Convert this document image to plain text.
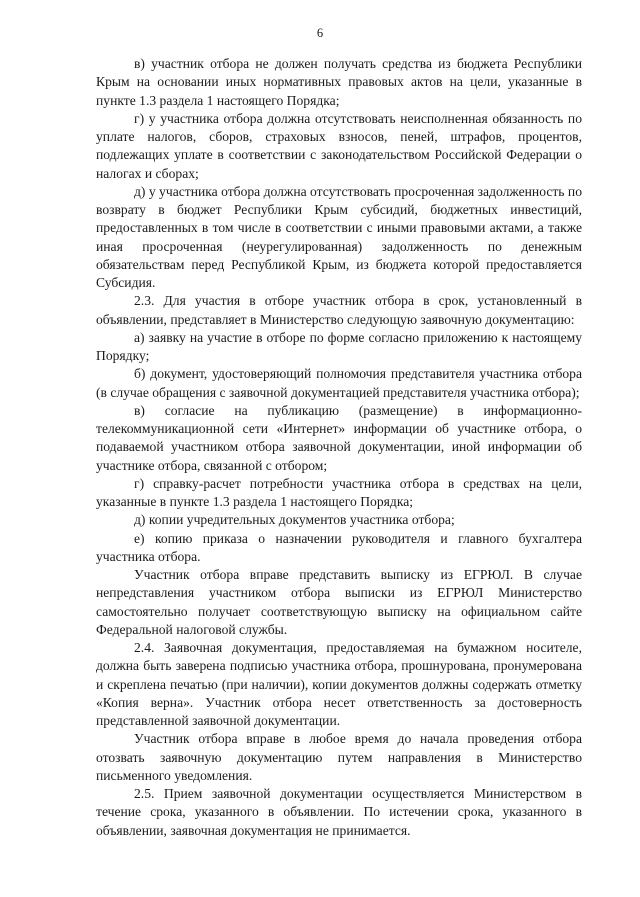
6

в) участник отбора не должен получать средства из бюджета Республики Крым на основании иных нормативных правовых актов на цели, указанные в пункте 1.3 раздела 1 настоящего Порядка;

г) у участника отбора должна отсутствовать неисполненная обязанность по уплате налогов, сборов, страховых взносов, пеней, штрафов, процентов, подлежащих уплате в соответствии с законодательством Российской Федерации о налогах и сборах;

д) у участника отбора должна отсутствовать просроченная задолженность по возврату в бюджет Республики Крым субсидий, бюджетных инвестиций, предоставленных в том числе в соответствии с иными правовыми актами, а также иная просроченная (неурегулированная) задолженность по денежным обязательствам перед Республикой Крым, из бюджета которой предоставляется Субсидия.

2.3. Для участия в отборе участник отбора в срок, установленный в объявлении, представляет в Министерство следующую заявочную документацию:

а) заявку на участие в отборе по форме согласно приложению к настоящему Порядку;

б) документ, удостоверяющий полномочия представителя участника отбора (в случае обращения с заявочной документацией представителя участника отбора);

в) согласие на публикацию (размещение) в информационно-телекоммуникационной сети «Интернет» информации об участнике отбора, о подаваемой участником отбора заявочной документации, иной информации об участнике отбора, связанной с отбором;

г) справку-расчет потребности участника отбора в средствах на цели, указанные в пункте 1.3 раздела 1 настоящего Порядка;

д) копии учредительных документов участника отбора;

е) копию приказа о назначении руководителя и главного бухгалтера участника отбора.

Участник отбора вправе представить выписку из ЕГРЮЛ. В случае непредставления участником отбора выписки из ЕГРЮЛ Министерство самостоятельно получает соответствующую выписку на официальном сайте Федеральной налоговой службы.

2.4. Заявочная документация, предоставляемая на бумажном носителе, должна быть заверена подписью участника отбора, прошнурована, пронумерована и скреплена печатью (при наличии), копии документов должны содержать отметку «Копия верна». Участник отбора несет ответственность за достоверность представленной заявочной документации.

Участник отбора вправе в любое время до начала проведения отбора отозвать заявочную документацию путем направления в Министерство письменного уведомления.

2.5. Прием заявочной документации осуществляется Министерством в течение срока, указанного в объявлении. По истечении срока, указанного в объявлении, заявочная документация не принимается.
